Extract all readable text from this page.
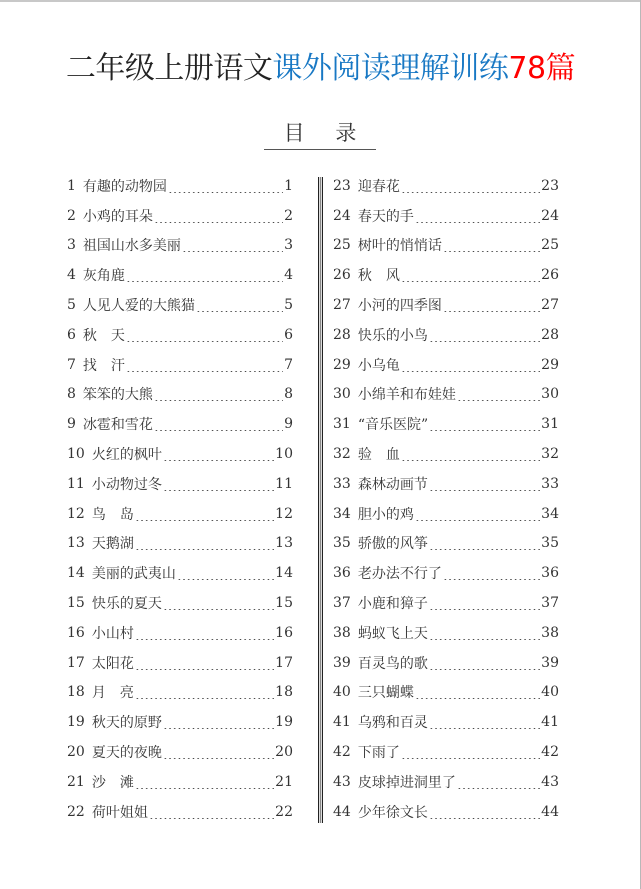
二年级上册语文课外阅读理解训练78篇
目 录
1 有趣的动物园	1
2 小鸡的耳朵	2
3 祖国山水多美丽	3
4 灰角鹿	4
5 人见人爱的大熊猫	5
6 秋　天	6
7 找　汗	7
8 笨笨的大熊	8
9 冰雹和雪花	9
10 火红的枫叶	10
11 小动物过冬	11
12 鸟　岛	12
13 天鹅湖	13
14 美丽的武夷山	14
15 快乐的夏天	15
16 小山村	16
17 太阳花	17
18 月　亮	18
19 秋天的原野	19
20 夏天的夜晚	20
21 沙　滩	21
22 荷叶姐姐	22
23 迎春花	23
24 春天的手	24
25 树叶的悄悄话	25
26 秋　风	26
27 小河的四季图	27
28 快乐的小鸟	28
29 小乌龟	29
30 小绵羊和布娃娃	30
31 “音乐医院”	31
32 验　血	32
33 森林动画节	33
34 胆小的鸡	34
35 骄傲的风筝	35
36 老办法不行了	36
37 小鹿和獐子	37
38 蚂蚁飞上天	38
39 百灵鸟的歌	39
40 三只蝴蝶	40
41 乌鸦和百灵	41
42 下雨了	42
43 皮球掉进洞里了	43
44 少年徐文长	44
